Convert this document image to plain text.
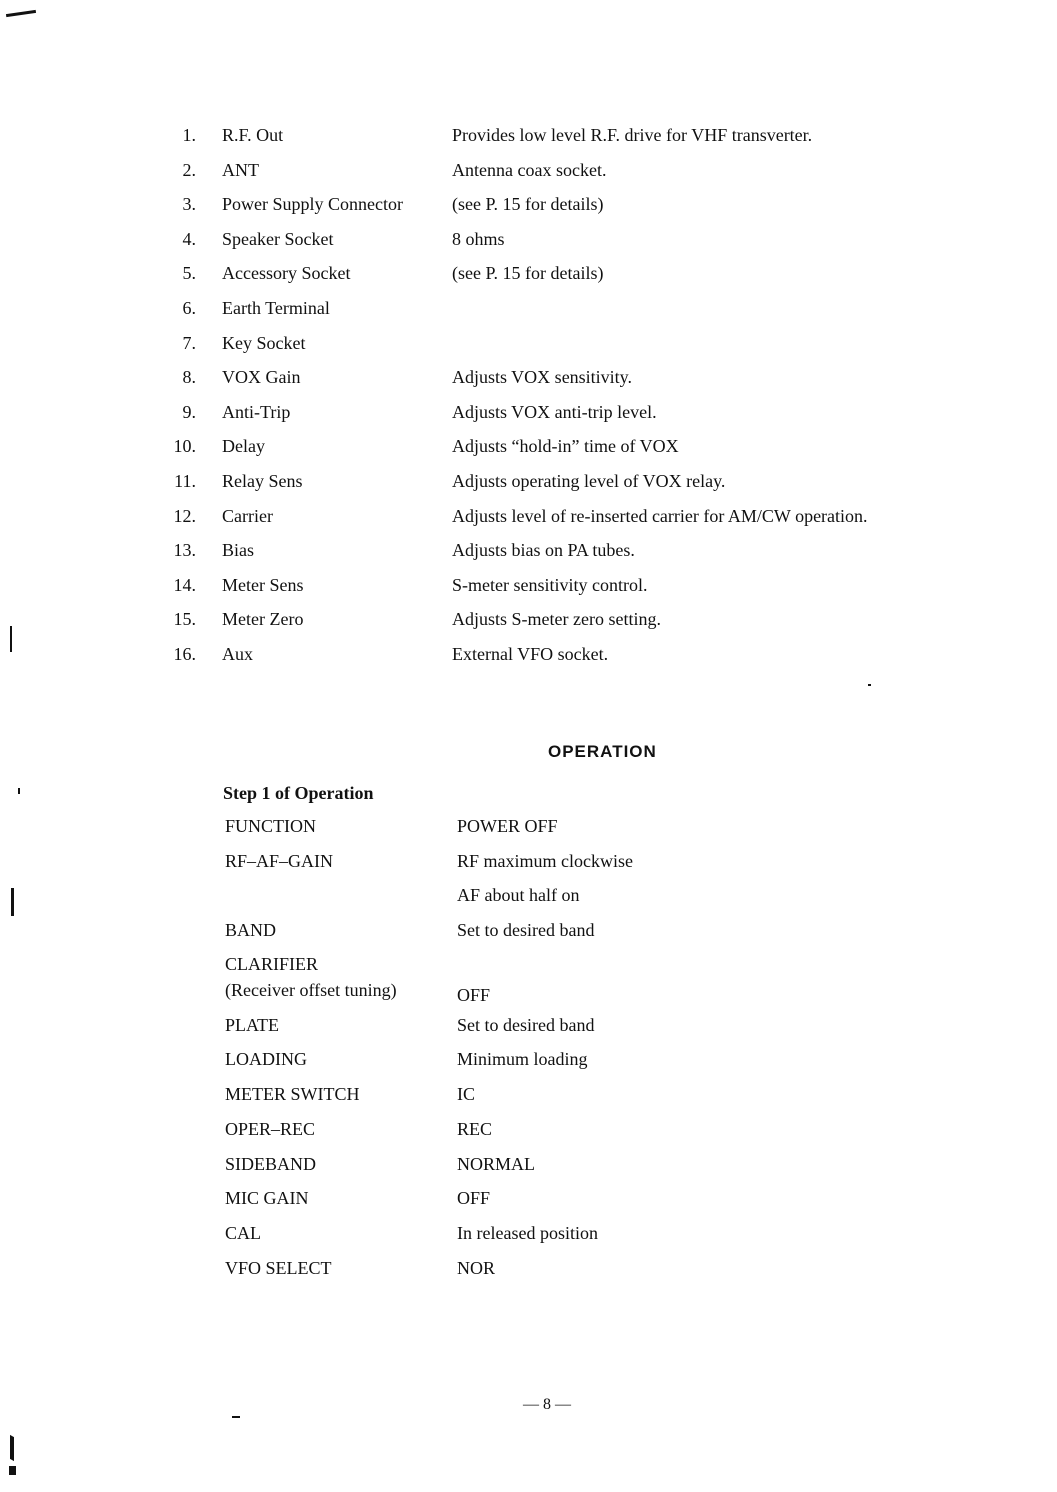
1. R.F. Out	Provides low level R.F. drive for VHF transverter.
2. ANT	Antenna coax socket.
3. Power Supply Connector	(see P. 15 for details)
4. Speaker Socket	8 ohms
5. Accessory Socket	(see P. 15 for details)
6. Earth Terminal
7. Key Socket
8. VOX Gain	Adjusts VOX sensitivity.
9. Anti-Trip	Adjusts VOX anti-trip level.
10. Delay	Adjusts “hold-in” time of VOX
11. Relay Sens	Adjusts operating level of VOX relay.
12. Carrier	Adjusts level of re-inserted carrier for AM/CW operation.
13. Bias	Adjusts bias on PA tubes.
14. Meter Sens	S-meter sensitivity control.
15. Meter Zero	Adjusts S-meter zero setting.
16. Aux	External VFO socket.
OPERATION
Step 1 of Operation
FUNCTION	POWER OFF
RF–AF–GAIN	RF maximum clockwise
AF about half on
BAND	Set to desired band
CLARIFIER
(Receiver offset tuning)	OFF
PLATE	Set to desired band
LOADING	Minimum loading
METER SWITCH	IC
OPER–REC	REC
SIDEBAND	NORMAL
MIC GAIN	OFF
CAL	In released position
VFO SELECT	NOR
— 8 —
